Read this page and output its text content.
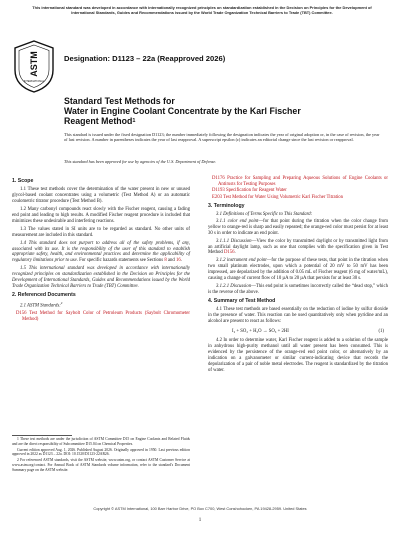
This international standard was developed in accordance with internationally recognized principles on standardization established in the Decision on Principles for the Development of International Standards, Guides and Recommendations issued by the World Trade Organization Technical Barriers to Trade (TBT) Committee.
ASTM
INTERNATIONAL
Designation: D1123 – 22a (Reapproved 2026)
Standard Test Methods for
Water in Engine Coolant Concentrate by the Karl Fischer
Reagent Method$^1$

This standard is issued under the fixed designation D1123; the number immediately following the designation indicates the year of original adoption or, in the case of revision, the year of last revision. A number in parentheses indicates the year of last reapproval. A superscript epsilon (ε) indicates an editorial change since the last revision or reapproval.

This standard has been approved for use by agencies of the U.S. Department of Defense.
1. Scope
1.1 These test methods cover the determination of the water present in new or unused glycol-based coolant concentrates using a volumetric (Test Method A) or an automatic coulometric titrator procedure (Test Method B).
1.2 Many carbonyl compounds react slowly with the Fischer reagent, causing a fading end point and leading to high results. A modified Fischer reagent procedure is included that minimizes these undesirable and interfering reactions.
1.3 The values stated in SI units are to be regarded as standard. No other units of measurement are included in this standard.
1.4 This standard does not purport to address all of the safety problems, if any, associated with its use. It is the responsibility of the user of this standard to establish appropriate safety, health, and environmental practices and determine the applicability of regulatory limitations prior to use. For specific hazards statements see Sections 8 and 16.
1.5 This international standard was developed in accordance with internationally recognized principles on standardization established in the Decision on Principles for the Development of International Standards, Guides and Recommendations issued by the World Trade Organization Technical Barriers to Trade (TBT) Committee.
2. Referenced Documents
2.1 ASTM Standards:$^2$
D156 Test Method for Saybolt Color of Petroleum Products (Saybolt Chromometer Method)
D1176 Practice for Sampling and Preparing Aqueous Solutions of Engine Coolants or Antirusts for Testing Purposes
D1193 Specification for Reagent Water
E203 Test Method for Water Using Volumetric Karl Fischer Titration
3. Terminology
3.1 Definitions of Terms Specific to This Standard:
3.1.1 color end point—for that point during the titration when the color change from yellow to orange-red is sharp and easily repeated; the orange-red color must persist for at least 30 s in order to indicate an end point.
3.1.1.1 Discussion—View the color by transmitted daylight or by transmitted light from an artificial daylight lamp, such as one that complies with the specification given in Test Method D156.
3.1.2 instrument end point—for the purpose of these tests, that point in the titration when two small platinum electrodes, upon which a potential of 20 mV to 50 mV has been impressed, are depolarized by the addition of 0.05 mL of Fischer reagent (6 mg of water/mL), causing a change of current flow of 10 µA to 20 µA that persists for at least 30 s.
3.1.2.1 Discussion—This end point is sometimes incorrectly called the “dead stop,” which is the reverse of the above.
4. Summary of Test Method
4.1 These test methods are based essentially on the reduction of iodine by sulfur dioxide in the presence of water. This reaction can be used quantitatively only when pyridine and an alcohol are present to react as follows:
I₂ + SO₂ + H₂O → SO₃ + 2HI	(1)
4.2 In order to determine water, Karl Fischer reagent is added to a solution of the sample in anhydrous high-purity methanol until all water present has been consumed. This is evidenced by the persistence of the orange-red end point color, or alternatively by an indication on a galvanometer or similar current-indicating device that records the depolarization of a pair of noble metal electrodes. The reagent is standardized by the titration of water.

1 These test methods are under the jurisdiction of ASTM Committee D15 on Engine Coolants and Related Fluids and are the direct responsibility of Subcommittee D15.04 on Chemical Properties.

Current edition approved Aug. 1, 2026. Published August 2026. Originally approved in 1950. Last previous edition approved in 2022 as D1123 – 22a. DOI: 10.1520/D1123-22AR26.

2 For referenced ASTM standards, visit the ASTM website, www.astm.org, or contact ASTM Customer Service at www.astm.org/contact. For Annual Book of ASTM Standards volume information, refer to the standard's Document Summary page on the ASTM website.

Copyright © ASTM International, 100 Barr Harbor Drive, PO Box C700, West Conshohocken, PA 19428-2959. United States
1
